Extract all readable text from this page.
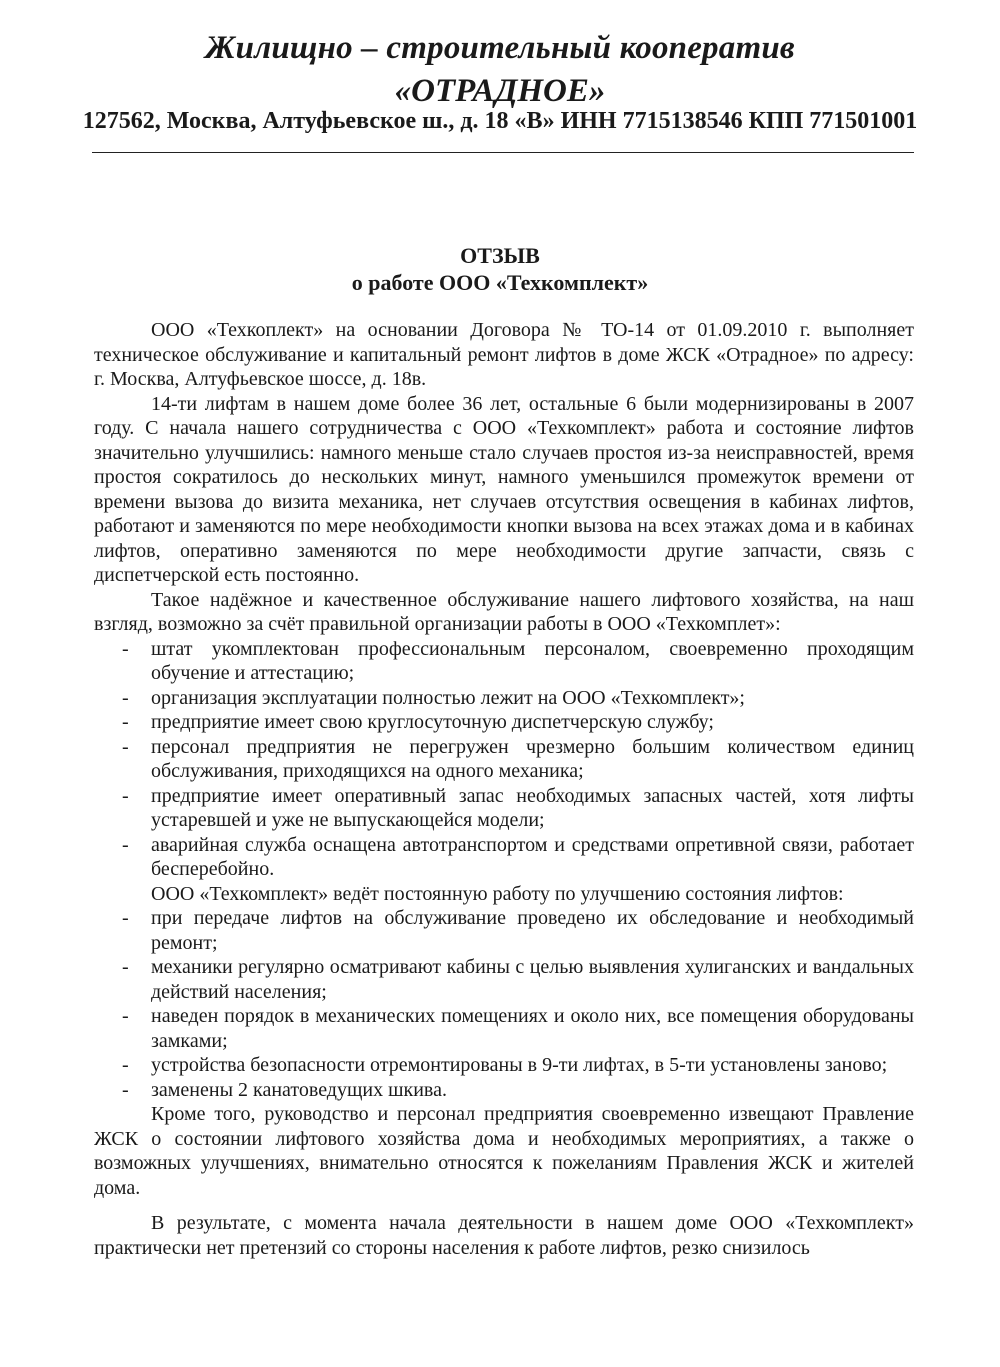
Жилищно – строительный кооператив
«ОТРАДНОЕ»
127562, Москва, Алтуфьевское ш., д. 18 «В» ИНН 7715138546 КПП 771501001
ОТЗЫВ
о работе ООО «Техкомплект»

ООО «Техкоплект» на основании Договора № ТО-14 от 01.09.2010 г. выполняет техническое обслуживание и капитальный ремонт лифтов в доме ЖСК «Отрадное» по адресу: г. Москва, Алтуфьевское шоссе, д. 18в.

14-ти лифтам в нашем доме более 36 лет, остальные 6 были модернизированы в 2007 году. С начала нашего сотрудничества с ООО «Техкомплект» работа и состояние лифтов значительно улучшились: намного меньше стало случаев простоя из-за неисправностей, время простоя сократилось до нескольких минут, намного уменьшился промежуток времени от времени вызова до визита механика, нет случаев отсутствия освещения в кабинах лифтов, работают и заменяются по мере необходимости кнопки вызова на всех этажах дома и в кабинах лифтов, оперативно заменяются по мере необходимости другие запчасти, связь с диспетчерской есть постоянно.

Такое надёжное и качественное обслуживание нашего лифтового хозяйства, на наш взгляд, возможно за счёт правильной организации работы в ООО «Техкомплет»:

- штат укомплектован профессиональным персоналом, своевременно проходящим обучение и аттестацию;
- организация эксплуатации полностью лежит на ООО «Техкомплект»;
- предприятие имеет свою круглосуточную диспетчерскую службу;
- персонал предприятия не перегружен чрезмерно большим количеством единиц обслуживания, приходящихся на одного механика;
- предприятие имеет оперативный запас необходимых запасных частей, хотя лифты устаревшей и уже не выпускающейся модели;
- аварийная служба оснащена автотранспортом и средствами опретивной связи, работает бесперебойно.

ООО «Техкомплект» ведёт постоянную работу по улучшению состояния лифтов:

- при передаче лифтов на обслуживание проведено их обследование и необходимый ремонт;
- механики регулярно осматривают кабины с целью выявления хулиганских и вандальных действий населения;
- наведен порядок в механических помещениях и около них, все помещения оборудованы замками;
- устройства безопасности отремонтированы в 9-ти лифтах, в 5-ти установлены заново;
- заменены 2 канатоведущих шкива.

Кроме того, руководство и персонал предприятия своевременно извещают Правление ЖСК о состоянии лифтового хозяйства дома и необходимых мероприятиях, а также о возможных улучшениях, внимательно относятся к пожеланиям Правления ЖСК и жителей дома.

В результате, с момента начала деятельности в нашем доме ООО «Техкомплект» практически нет претензий со стороны населения к работе лифтов, резко снизилось
